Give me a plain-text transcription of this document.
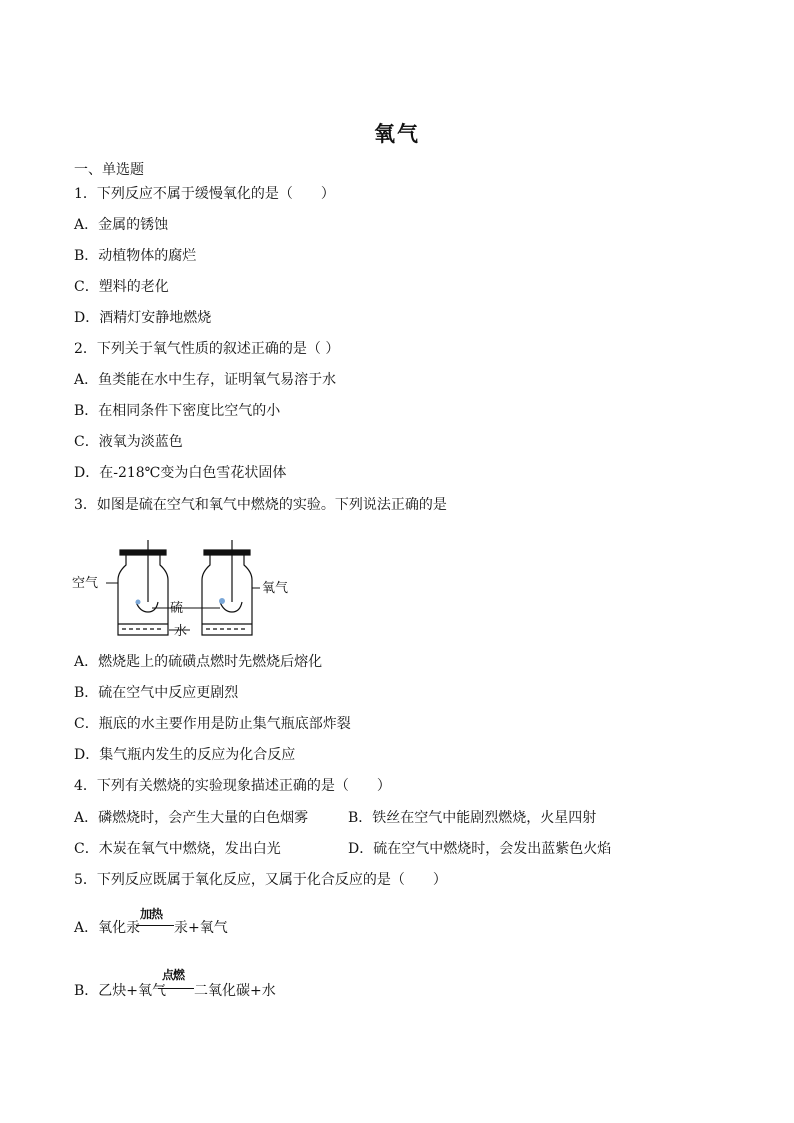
氧气
一、单选题
1．下列反应不属于缓慢氧化的是（　　）
A．金属的锈蚀
B．动植物体的腐烂
C．塑料的老化
D．酒精灯安静地燃烧
2．下列关于氧气性质的叙述正确的是（ ）
A．鱼类能在水中生存，证明氧气易溶于水
B．在相同条件下密度比空气的小
C．液氧为淡蓝色
D．在-218℃变为白色雪花状固体
3．如图是硫在空气和氧气中燃烧的实验。下列说法正确的是
空气
硫
水
氧气
A．燃烧匙上的硫磺点燃时先燃烧后熔化
B．硫在空气中反应更剧烈
C．瓶底的水主要作用是防止集气瓶底部炸裂
D．集气瓶内发生的反应为化合反应
4．下列有关燃烧的实验现象描述正确的是（　　）
A．磷燃烧时，会产生大量的白色烟雾	B．铁丝在空气中能剧烈燃烧，火星四射
C．木炭在氧气中燃烧，发出白光	D．硫在空气中燃烧时，会发出蓝紫色火焰
5．下列反应既属于氧化反应，又属于化合反应的是（　　）
A．氧化汞
加热
汞+氧气
B．乙炔+氧气
点燃
二氧化碳+水
